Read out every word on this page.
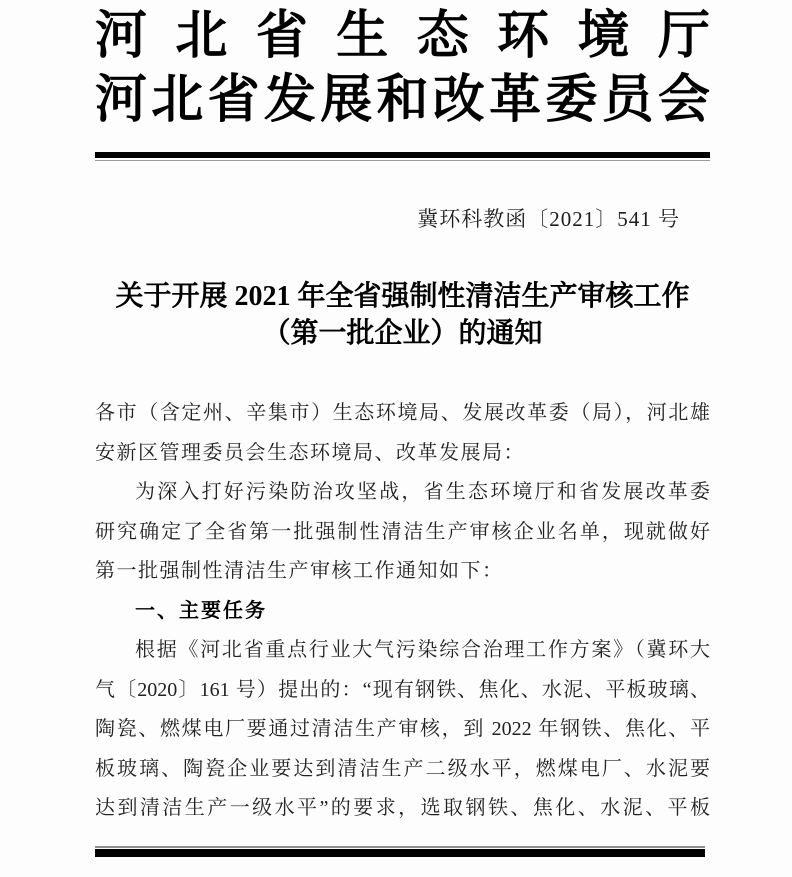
河北省生态环境厅
河北省发展和改革委员会
冀环科教函〔2021〕541 号
关于开展 2021 年全省强制性清洁生产审核工作
（第一批企业）的通知
各市（含定州、辛集市）生态环境局、发展改革委（局），河北雄
安新区管理委员会生态环境局、改革发展局：
为深入打好污染防治攻坚战，省生态环境厅和省发展改革委
研究确定了全省第一批强制性清洁生产审核企业名单，现就做好
第一批强制性清洁生产审核工作通知如下：
一、主要任务
根据《河北省重点行业大气污染综合治理工作方案》（冀环大
气〔2020〕161 号）提出的：“现有钢铁、焦化、水泥、平板玻璃、
陶瓷、燃煤电厂要通过清洁生产审核，到 2022 年钢铁、焦化、平
板玻璃、陶瓷企业要达到清洁生产二级水平，燃煤电厂、水泥要
达到清洁生产一级水平”的要求，选取钢铁、焦化、水泥、平板
